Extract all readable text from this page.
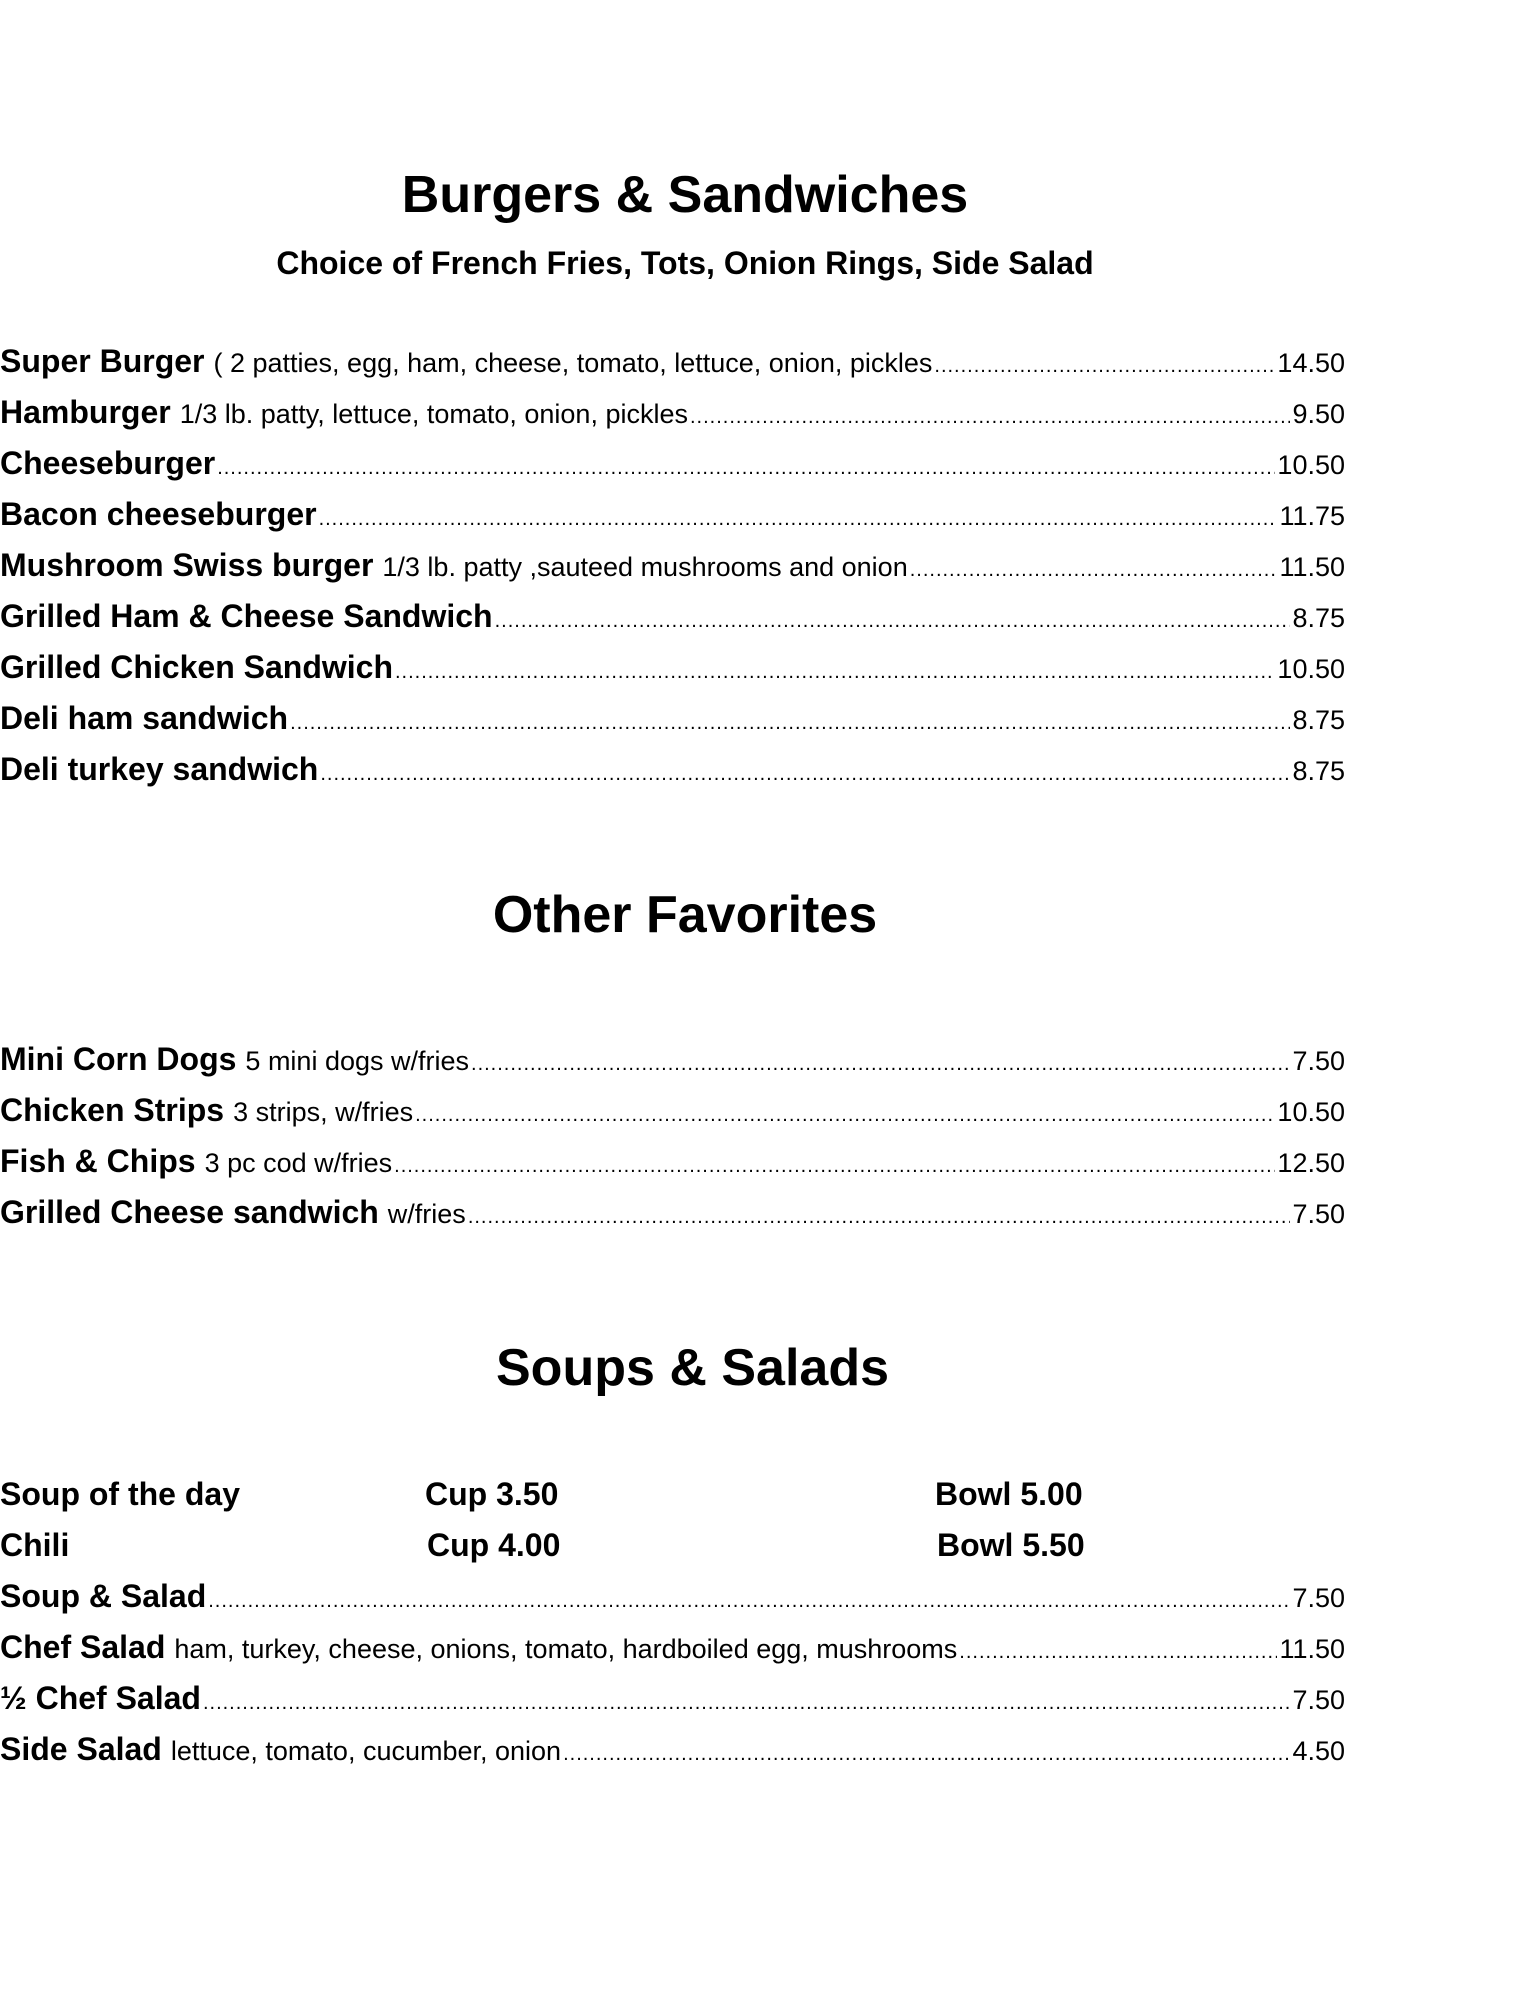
Burgers & Sandwiches
Choice of French Fries, Tots, Onion Rings, Side Salad
Super Burger ( 2 patties, egg, ham, cheese, tomato, lettuce, onion, pickles .....	14.50
Hamburger 1/3 lb. patty, lettuce, tomato, onion, pickles .....	9.50
Cheeseburger .....	10.50
Bacon cheeseburger .....	11.75
Mushroom Swiss burger 1/3 lb. patty ,sauteed mushrooms and onion .....	11.50
Grilled Ham & Cheese Sandwich .....	8.75
Grilled Chicken Sandwich .....	10.50
Deli ham sandwich .....	8.75
Deli turkey sandwich .....	8.75
Other Favorites
Mini Corn Dogs 5 mini dogs w/fries .....	7.50
Chicken Strips 3 strips, w/fries .....	10.50
Fish & Chips 3 pc cod w/fries .....	12.50
Grilled Cheese sandwich w/fries .....	7.50
Soups & Salads
Soup of the day	Cup 3.50	Bowl 5.00
Chili	Cup 4.00	Bowl 5.50
Soup & Salad .....	7.50
Chef Salad ham, turkey, cheese, onions, tomato, hardboiled egg, mushrooms .....	11.50
½ Chef Salad .....	7.50
Side Salad lettuce, tomato, cucumber, onion .....	4.50
